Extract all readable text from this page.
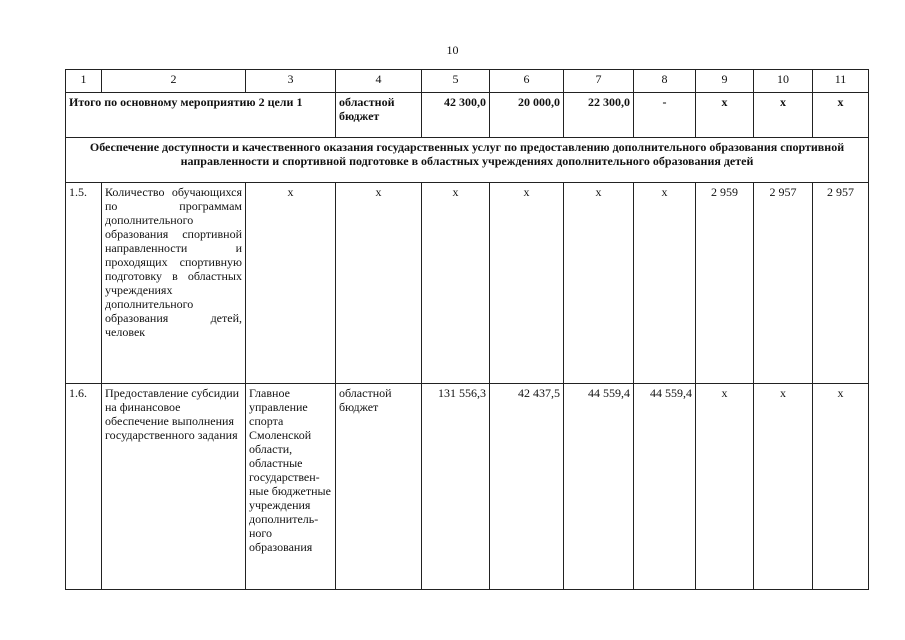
10
1	2	3	4	5	6	7	8	9	10	11
Итого по основному мероприятию 2 цели 1			областной бюджет	42 300,0	20 000,0	22 300,0	-	х	х	х
Обеспечение доступности и качественного оказания государственных услуг по предоставлению дополнительного образования спортивной направленности и спортивной подготовке в областных учреждениях дополнительного образования детей										
1.5.	Количество обучающихся по программам дополнительного образования спортивной направленности и проходящих спортивную подготовку в областных учреждениях дополнительного образования детей, человек	х	х	х	х	х	х	2 959	2 957	2 957
1.6.	Предоставление субсидии на финансовое обеспечение выполнения государственного задания	Главное управление спорта Смоленской области, областные государствен-ные бюджетные учреждения дополнитель-ного образования	областной бюджет	131 556,3	42 437,5	44 559,4	44 559,4	х	х	х
